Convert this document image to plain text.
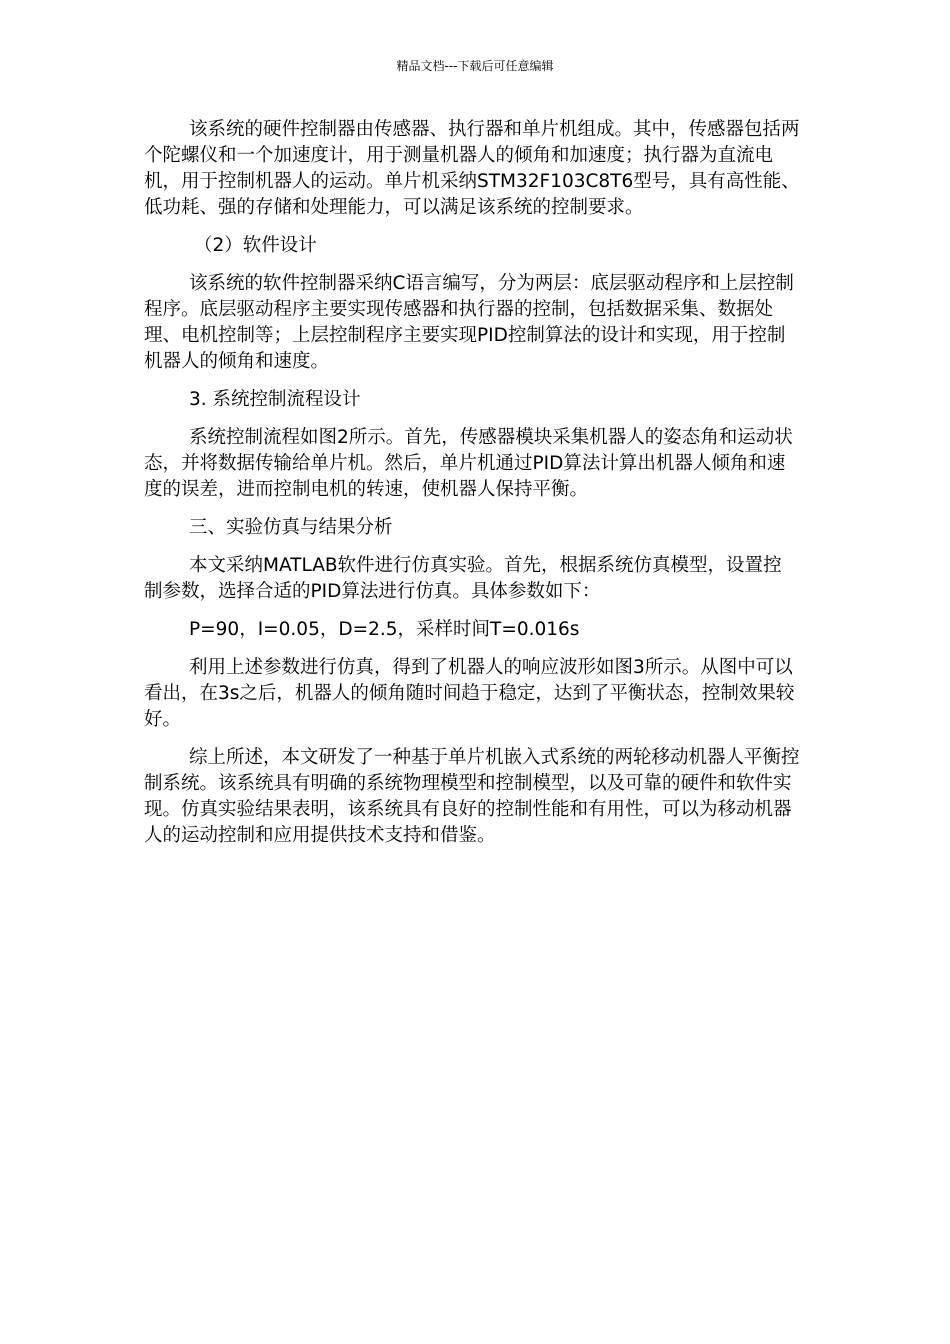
精品文档---下载后可任意编辑

该系统的硬件控制器由传感器、执行器和单片机组成。其中，传感器包括两个陀螺仪和一个加速度计，用于测量机器人的倾角和加速度；执行器为直流电机，用于控制机器人的运动。单片机采纳STM32F103C8T6型号，具有高性能、低功耗、强的存储和处理能力，可以满足该系统的控制要求。

（2）软件设计

该系统的软件控制器采纳C语言编写，分为两层：底层驱动程序和上层控制程序。底层驱动程序主要实现传感器和执行器的控制，包括数据采集、数据处理、电机控制等；上层控制程序主要实现PID控制算法的设计和实现，用于控制机器人的倾角和速度。

3. 系统控制流程设计

系统控制流程如图2所示。首先，传感器模块采集机器人的姿态角和运动状态，并将数据传输给单片机。然后，单片机通过PID算法计算出机器人倾角和速度的误差，进而控制电机的转速，使机器人保持平衡。

三、实验仿真与结果分析

本文采纳MATLAB软件进行仿真实验。首先，根据系统仿真模型，设置控制参数，选择合适的PID算法进行仿真。具体参数如下：

P=90，I=0.05，D=2.5，采样时间T=0.016s

利用上述参数进行仿真，得到了机器人的响应波形如图3所示。从图中可以看出，在3s之后，机器人的倾角随时间趋于稳定，达到了平衡状态，控制效果较好。

综上所述，本文研发了一种基于单片机嵌入式系统的两轮移动机器人平衡控制系统。该系统具有明确的系统物理模型和控制模型，以及可靠的硬件和软件实现。仿真实验结果表明，该系统具有良好的控制性能和有用性，可以为移动机器人的运动控制和应用提供技术支持和借鉴。
